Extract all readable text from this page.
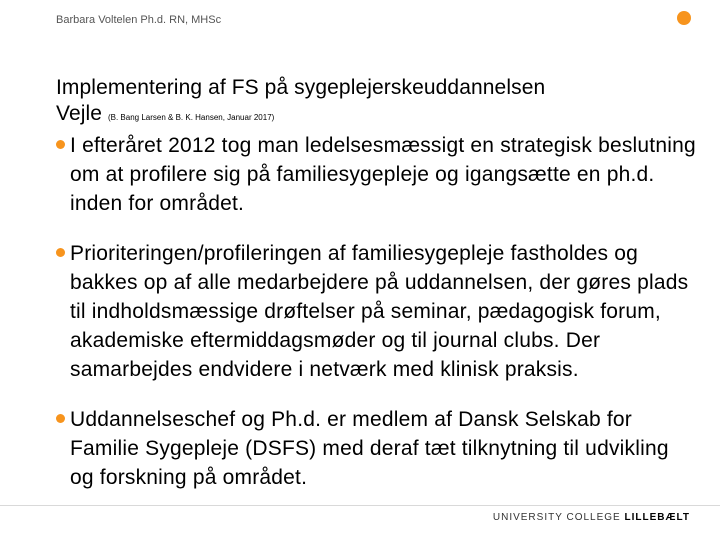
Barbara Voltelen Ph.d. RN, MHSc
Implementering af FS på sygeplejerskeuddannelsen
Vejle (B. Bang Larsen & B. K. Hansen, Januar 2017)
I efteråret 2012 tog man ledelsesmæssigt en strategisk beslutning om at profilere sig på familiesygepleje og igangsætte en ph.d. inden for området.
Prioriteringen/profileringen af familiesygepleje fastholdes og bakkes op af alle medarbejdere på uddannelsen, der gøres plads til indholdsmæssige drøftelser på seminar, pædagogisk forum, akademiske eftermiddagsmøder og til journal clubs. Der samarbejdes endvidere i netværk med klinisk praksis.
Uddannelseschef og Ph.d. er medlem af Dansk Selskab for Familie Sygepleje (DSFS) med deraf tæt tilknytning til udvikling og forskning på området.
UNIVERSITY COLLEGE LILLEBÆLT
